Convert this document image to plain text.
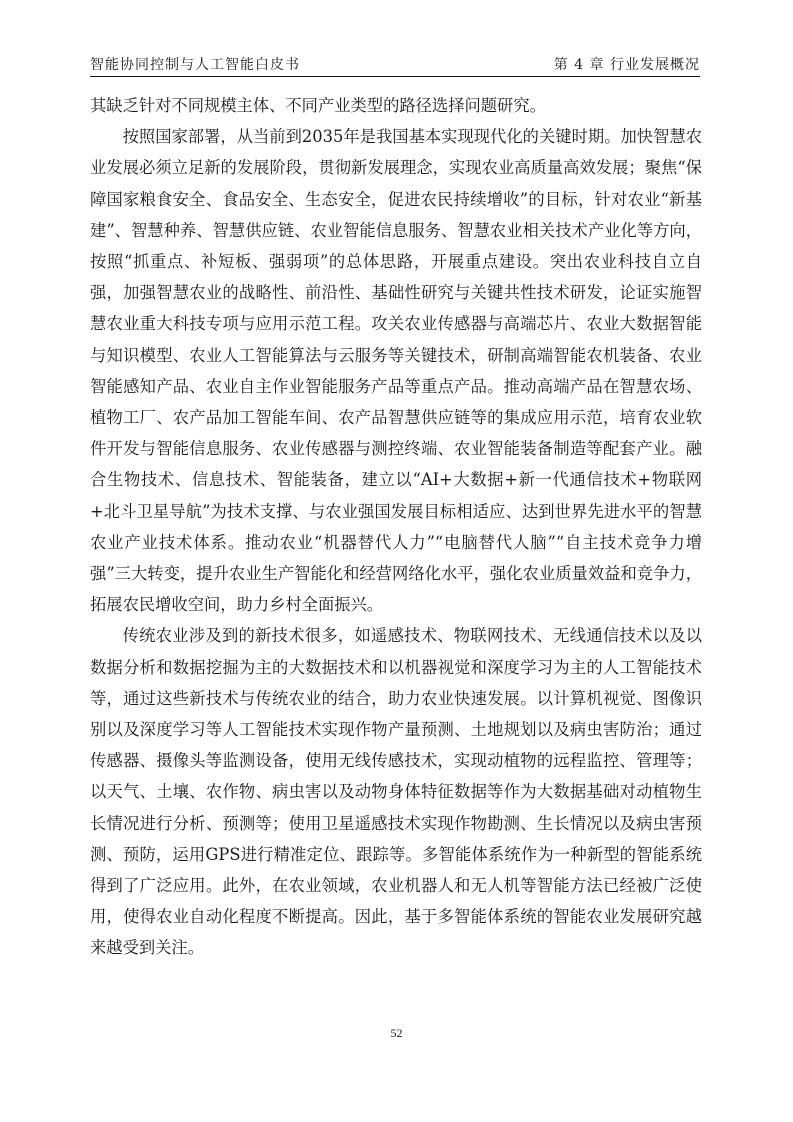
智能协同控制与人工智能白皮书	第 4 章 行业发展概况

其缺乏针对不同规模主体、不同产业类型的路径选择问题研究。

按照国家部署，从当前到2035年是我国基本实现现代化的关键时期。加快智慧农业发展必须立足新的发展阶段，贯彻新发展理念，实现农业高质量高效发展；聚焦“保障国家粮食安全、食品安全、生态安全，促进农民持续增收”的目标，针对农业“新基建”、智慧种养、智慧供应链、农业智能信息服务、智慧农业相关技术产业化等方向，按照“抓重点、补短板、强弱项”的总体思路，开展重点建设。突出农业科技自立自强，加强智慧农业的战略性、前沿性、基础性研究与关键共性技术研发，论证实施智慧农业重大科技专项与应用示范工程。攻关农业传感器与高端芯片、农业大数据智能与知识模型、农业人工智能算法与云服务等关键技术，研制高端智能农机装备、农业智能感知产品、农业自主作业智能服务产品等重点产品。推动高端产品在智慧农场、植物工厂、农产品加工智能车间、农产品智慧供应链等的集成应用示范，培育农业软件开发与智能信息服务、农业传感器与测控终端、农业智能装备制造等配套产业。融合生物技术、信息技术、智能装备，建立以“AI+大数据+新一代通信技术+物联网+北斗卫星导航”为技术支撑、与农业强国发展目标相适应、达到世界先进水平的智慧农业产业技术体系。推动农业“机器替代人力”“电脑替代人脑”“自主技术竞争力增强”三大转变，提升农业生产智能化和经营网络化水平，强化农业质量效益和竞争力，拓展农民增收空间，助力乡村全面振兴。

传统农业涉及到的新技术很多，如遥感技术、物联网技术、无线通信技术以及以数据分析和数据挖掘为主的大数据技术和以机器视觉和深度学习为主的人工智能技术等，通过这些新技术与传统农业的结合，助力农业快速发展。以计算机视觉、图像识别以及深度学习等人工智能技术实现作物产量预测、土地规划以及病虫害防治；通过传感器、摄像头等监测设备，使用无线传感技术，实现动植物的远程监控、管理等；以天气、土壤、农作物、病虫害以及动物身体特征数据等作为大数据基础对动植物生长情况进行分析、预测等；使用卫星遥感技术实现作物勘测、生长情况以及病虫害预测、预防，运用GPS进行精准定位、跟踪等。多智能体系统作为一种新型的智能系统得到了广泛应用。此外，在农业领域，农业机器人和无人机等智能方法已经被广泛使用，使得农业自动化程度不断提高。因此，基于多智能体系统的智能农业发展研究越来越受到关注。

52
